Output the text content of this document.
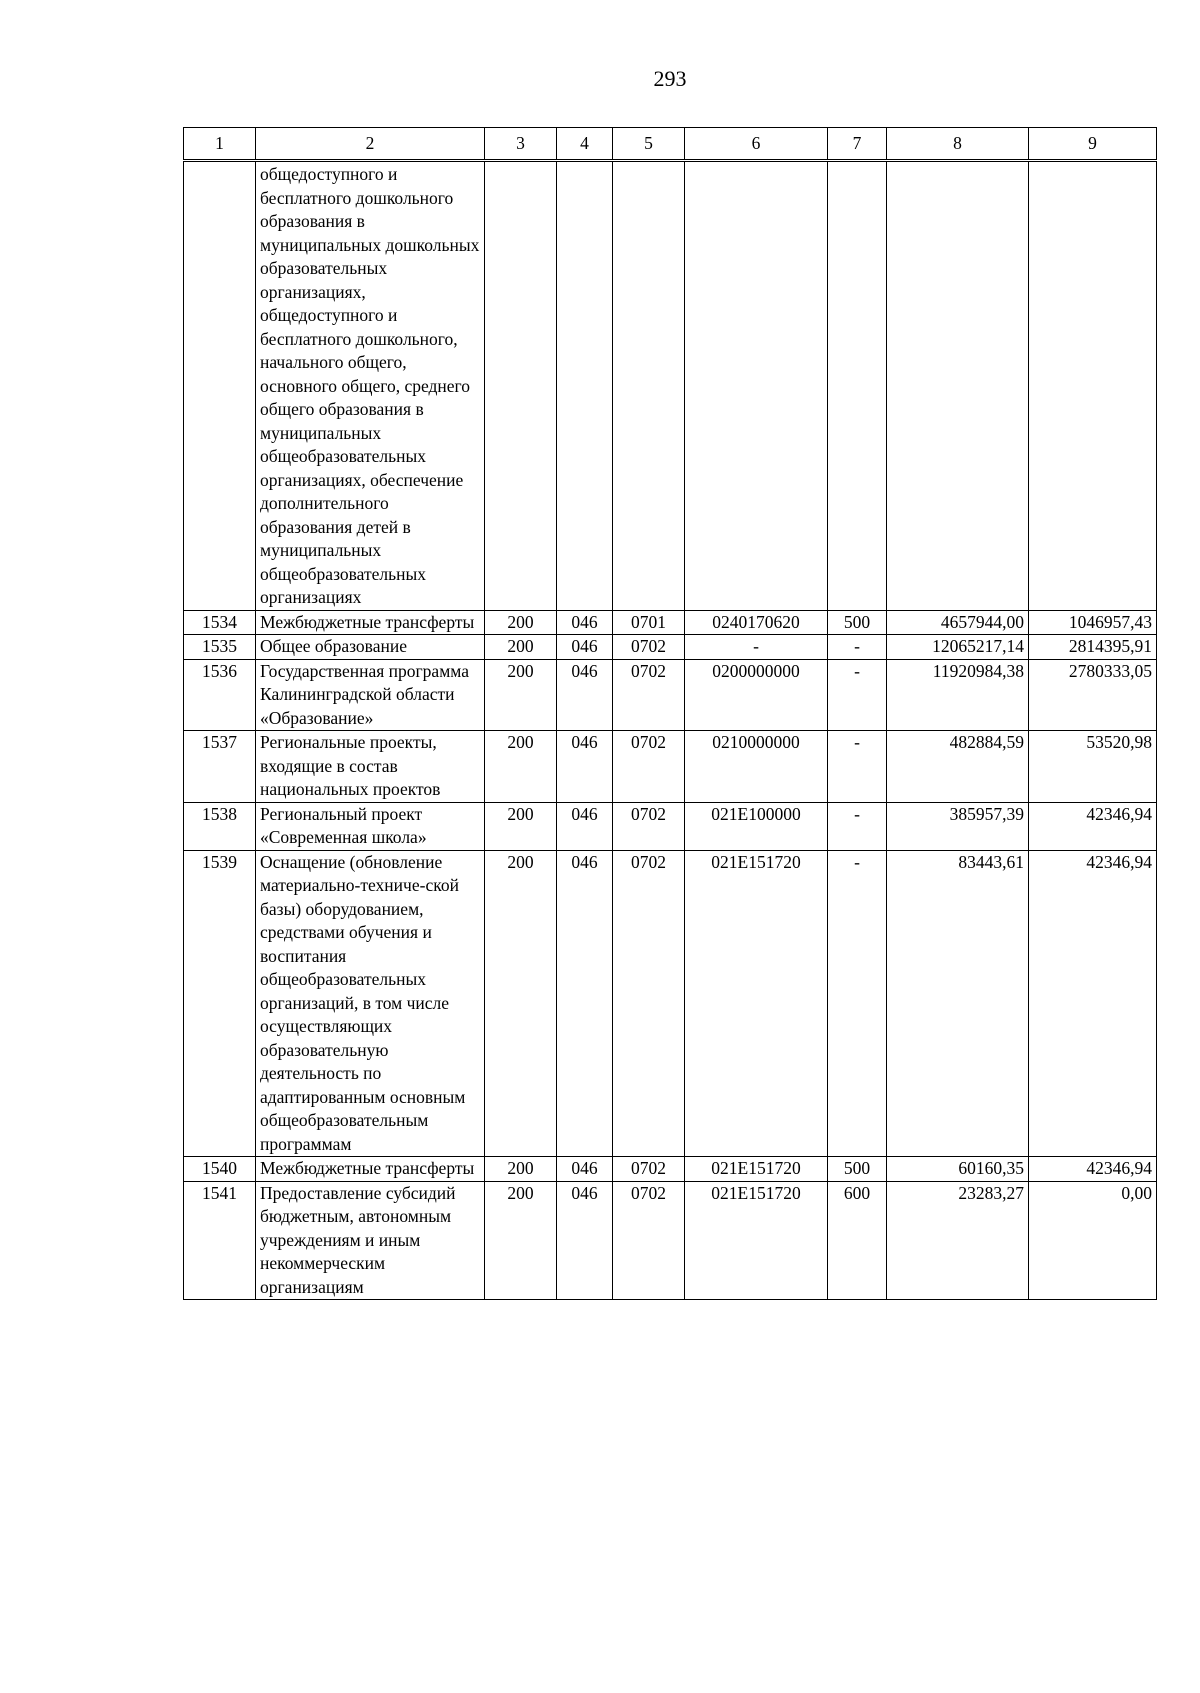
293
1	2	3	4	5	6	7	8	9
	общедоступного и бесплатного дошкольного образования в муниципальных дошкольных образовательных организациях, общедоступного и бесплатного дошкольного, начального общего, основного общего, среднего общего образования в муниципальных общеобразовательных организациях, обеспечение дополнительного образования детей в муниципальных общеобразовательных организациях							
1534	Межбюджетные трансферты	200	046	0701	0240170620	500	4657944,00	1046957,43
1535	Общее образование	200	046	0702	-	-	12065217,14	2814395,91
1536	Государственная программа Калининградской области «Образование»	200	046	0702	0200000000	-	11920984,38	2780333,05
1537	Региональные проекты, входящие в состав национальных проектов	200	046	0702	0210000000	-	482884,59	53520,98
1538	Региональный проект «Современная школа»	200	046	0702	021E100000	-	385957,39	42346,94
1539	Оснащение (обновление материально-техниче-ской базы) оборудованием, средствами обучения и воспитания общеобразовательных организаций, в том числе осуществляющих образовательную деятельность по адаптированным основным общеобразовательным программам	200	046	0702	021E151720	-	83443,61	42346,94
1540	Межбюджетные трансферты	200	046	0702	021E151720	500	60160,35	42346,94
1541	Предоставление субсидий бюджетным, автономным учреждениям и иным некоммерческим организациям	200	046	0702	021E151720	600	23283,27	0,00
